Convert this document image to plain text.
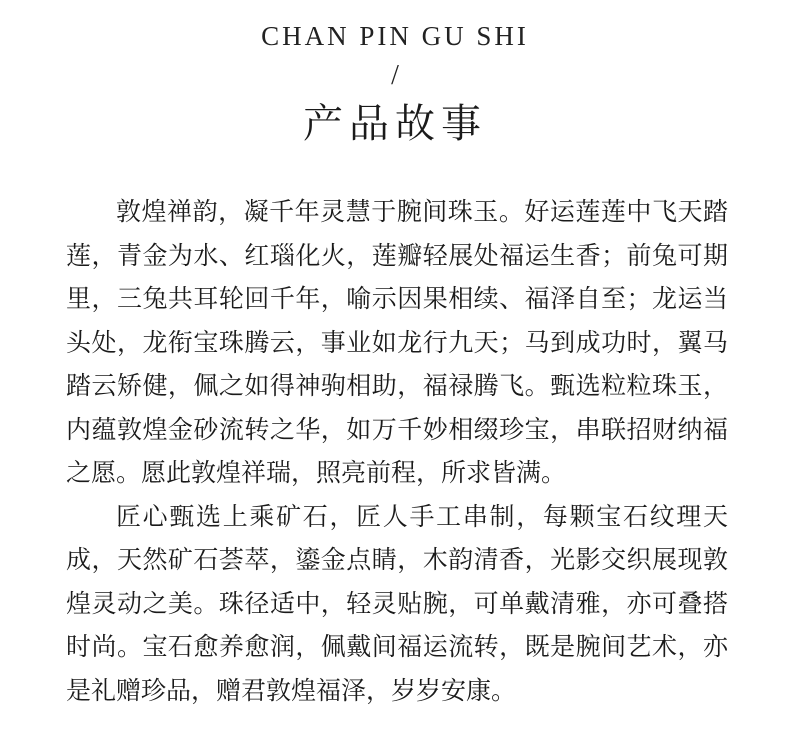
CHAN PIN GU SHI
/
产品故事

敦煌禅韵，凝千年灵慧于腕间珠玉。好运莲莲中飞天踏莲，青金为水、红瑙化火，莲瓣轻展处福运生香；前兔可期里，三兔共耳轮回千年，喻示因果相续、福泽自至；龙运当头处，龙衔宝珠腾云，事业如龙行九天；马到成功时，翼马踏云矫健，佩之如得神驹相助，福禄腾飞。甄选粒粒珠玉，内蕴敦煌金砂流转之华，如万千妙相缀珍宝，串联招财纳福之愿。愿此敦煌祥瑞，照亮前程，所求皆满。

匠心甄选上乘矿石，匠人手工串制，每颗宝石纹理天成，天然矿石荟萃，鎏金点睛，木韵清香，光影交织展现敦煌灵动之美。珠径适中，轻灵贴腕，可单戴清雅，亦可叠搭时尚。宝石愈养愈润，佩戴间福运流转，既是腕间艺术，亦是礼赠珍品，赠君敦煌福泽，岁岁安康。
